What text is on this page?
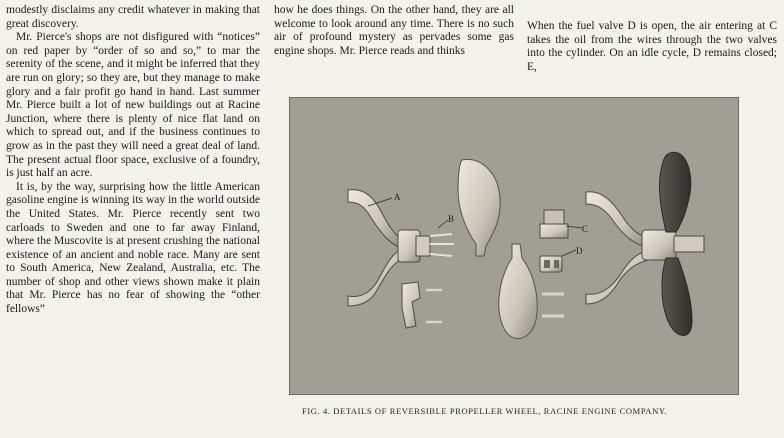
modestly disclaims any credit whatever in making that great discovery.

Mr. Pierce's shops are not disfigured with “notices” on red paper by “order of so and so,” to mar the serenity of the scene, and it might be inferred that they are run on glory; so they are, but they manage to make glory and a fair profit go hand in hand. Last summer Mr. Pierce built a lot of new buildings out at Racine Junction, where there is plenty of nice flat land on which to spread out, and if the business continues to grow as in the past they will need a great deal of land. The present actual floor space, exclusive of a foundry, is just half an acre.

It is, by the way, surprising how the little American gasoline engine is winning its way in the world outside the United States. Mr. Pierce recently sent two carloads to Sweden and one to far away Finland, where the Muscovite is at present crushing the national existence of an ancient and noble race. Many are sent to South America, New Zealand, Australia, etc. The number of shop and other views shown make it plain that Mr. Pierce has no fear of showing the “other fellows”

how he does things. On the other hand, they are all welcome to look around any time. There is no such air of profound mystery as pervades some gas engine shops. Mr. Pierce reads and thinks

When the fuel valve D is open, the air entering at C takes the oil from the wires through the two valves into the cylinder. On an idle cycle, D remains closed; E,

A
B
C
D
FIG. 4. DETAILS OF REVERSIBLE PROPELLER WHEEL, RACINE ENGINE COMPANY.
